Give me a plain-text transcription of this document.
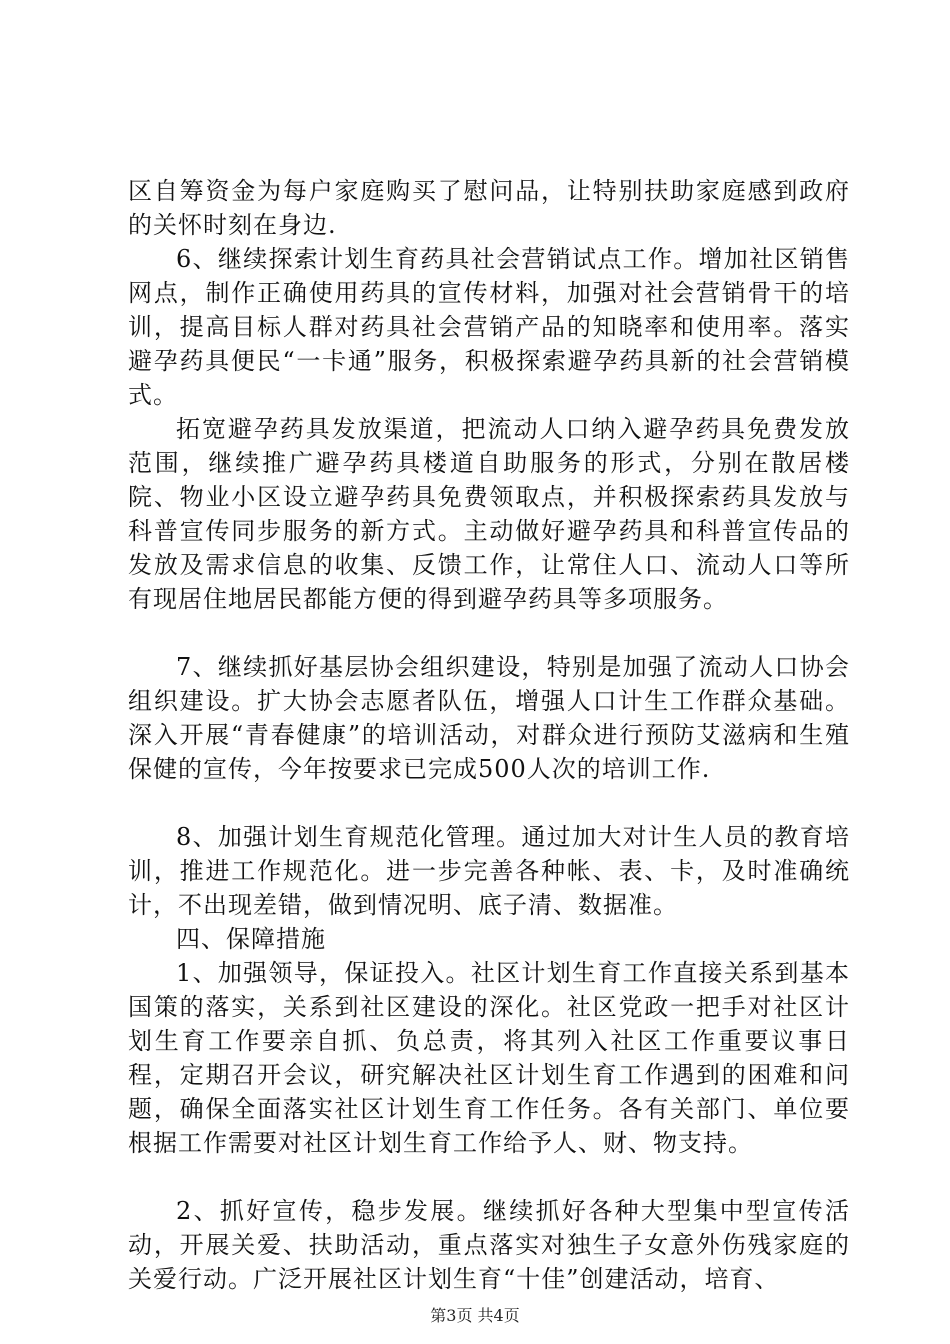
区自筹资金为每户家庭购买了慰问品，让特别扶助家庭感到政府的关怀时刻在身边.

6、继续探索计划生育药具社会营销试点工作。增加社区销售网点，制作正确使用药具的宣传材料，加强对社会营销骨干的培训，提高目标人群对药具社会营销产品的知晓率和使用率。落实避孕药具便民“一卡通”服务，积极探索避孕药具新的社会营销模式。

拓宽避孕药具发放渠道，把流动人口纳入避孕药具免费发放范围，继续推广避孕药具楼道自助服务的形式，分别在散居楼院、物业小区设立避孕药具免费领取点，并积极探索药具发放与科普宣传同步服务的新方式。主动做好避孕药具和科普宣传品的发放及需求信息的收集、反馈工作，让常住人口、流动人口等所有现居住地居民都能方便的得到避孕药具等多项服务。

7、继续抓好基层协会组织建设，特别是加强了流动人口协会组织建设。扩大协会志愿者队伍，增强人口计生工作群众基础。深入开展“青春健康”的培训活动，对群众进行预防艾滋病和生殖保健的宣传，今年按要求已完成500人次的培训工作.

8、加强计划生育规范化管理。通过加大对计生人员的教育培训，推进工作规范化。进一步完善各种帐、表、卡，及时准确统计，不出现差错，做到情况明、底子清、数据准。

四、保障措施

1、加强领导，保证投入。社区计划生育工作直接关系到基本国策的落实，关系到社区建设的深化。社区党政一把手对社区计划生育工作要亲自抓、负总责，将其列入社区工作重要议事日程，定期召开会议，研究解决社区计划生育工作遇到的困难和问题，确保全面落实社区计划生育工作任务。各有关部门、单位要根据工作需要对社区计划生育工作给予人、财、物支持。

2、抓好宣传，稳步发展。继续抓好各种大型集中型宣传活动，开展关爱、扶助活动，重点落实对独生子女意外伤残家庭的关爱行动。广泛开展社区计划生育“十佳”创建活动，培育、

第3页 共4页
